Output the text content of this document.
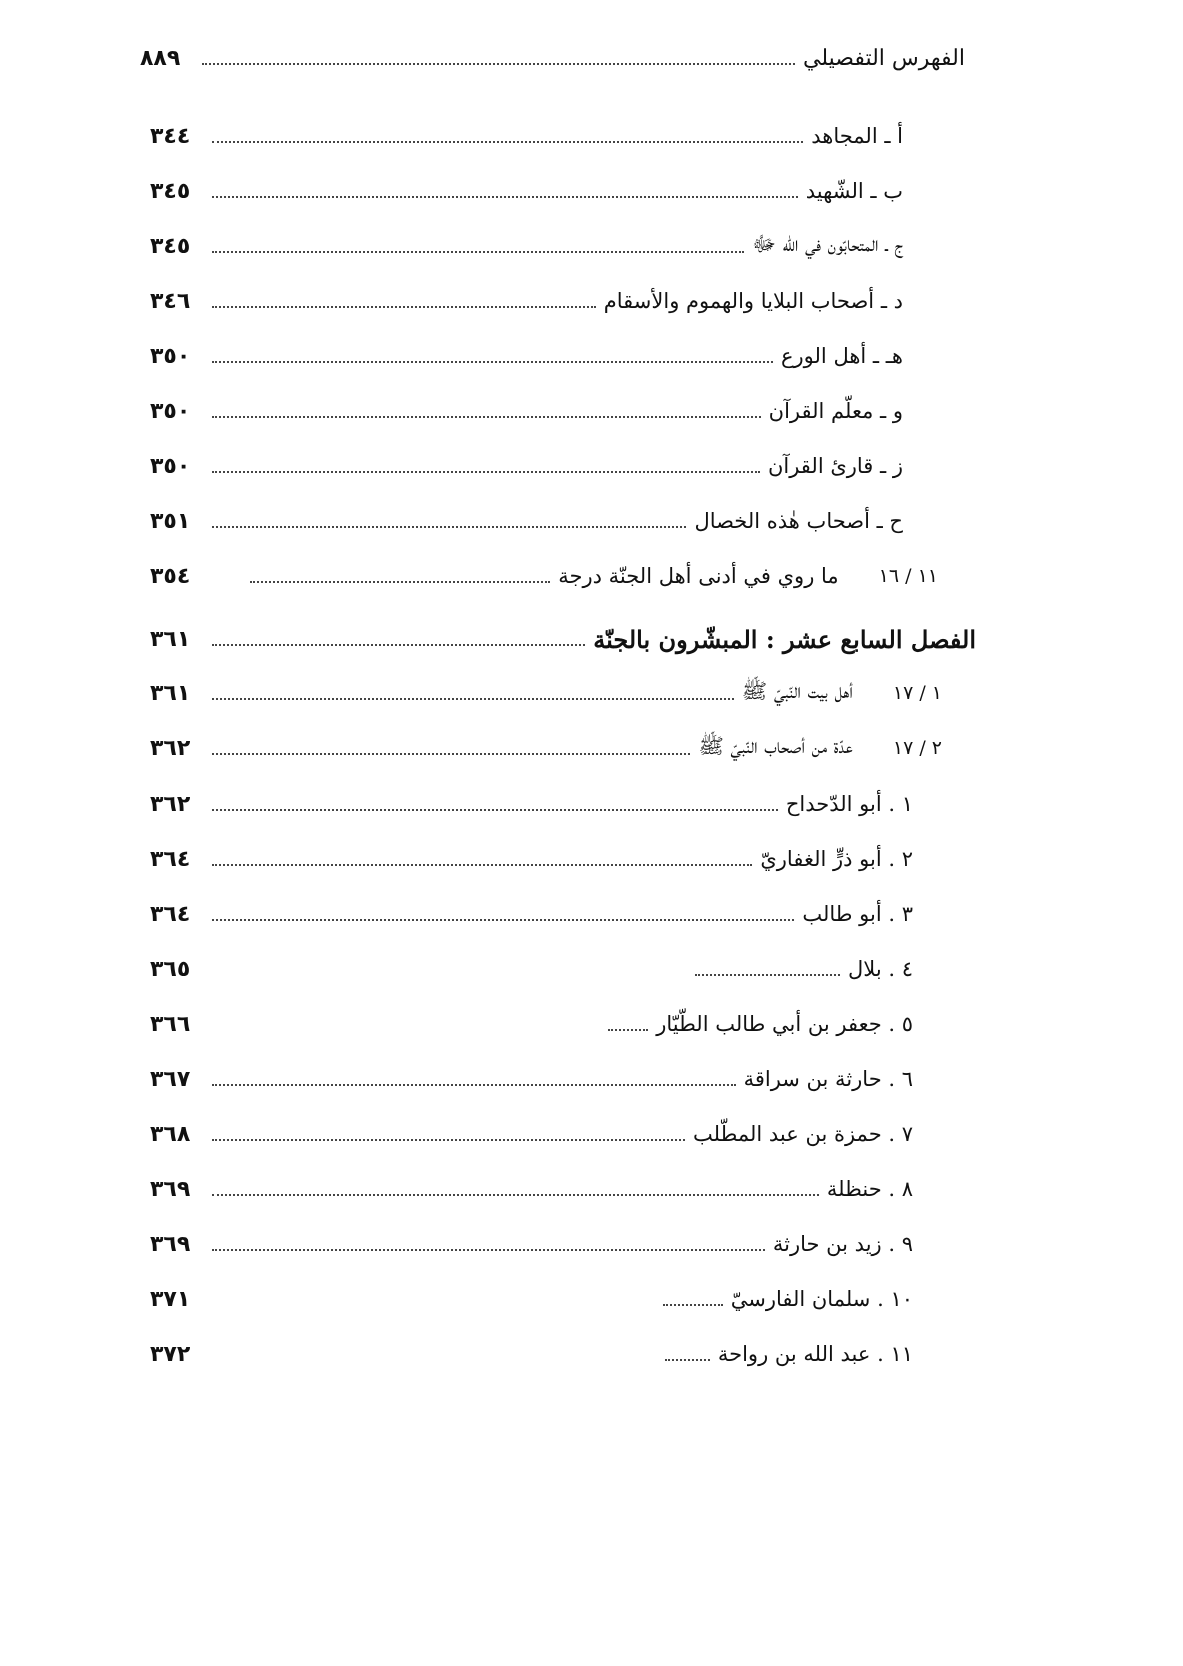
الفهرس التفصيلي
٨٨٩
أ ـ المجاهد
٣٤٤
ب ـ الشّهيد
٣٤٥
ج ـ المتحابّون في الله ﷻ
٣٤٥
د ـ أصحاب البلايا والهموم والأسقام
٣٤٦
هـ ـ أهل الورع
٣٥٠
و ـ معلّم القرآن
٣٥٠
ز ـ قارئ القرآن
٣٥٠
ح ـ أصحاب هٰذه الخصال
٣٥١
١١ / ١٦
ما روي في أدنى أهل الجنّة درجة
٣٥٤
الفصل السابع عشر : المبشّرون بالجنّة
٣٦١
١ / ١٧
أهل بيت النّبيّ ﷺ
٣٦١
٢ / ١٧
عدّة من أصحاب النّبيّ ﷺ
٣٦٢
١ . أبو الدّحداح
٣٦٢
٢ . أبو ذرٍّ الغفاريّ
٣٦٤
٣ . أبو طالب
٣٦٤
٤ . بلال
٣٦٥
٥ . جعفر بن أبي طالب الطّيّار
٣٦٦
٦ . حارثة بن سراقة
٣٦٧
٧ . حمزة بن عبد المطّلب
٣٦٨
٨ . حنظلة
٣٦٩
٩ . زيد بن حارثة
٣٦٩
١٠ . سلمان الفارسيّ
٣٧١
١١ . عبد الله بن رواحة
٣٧٢
